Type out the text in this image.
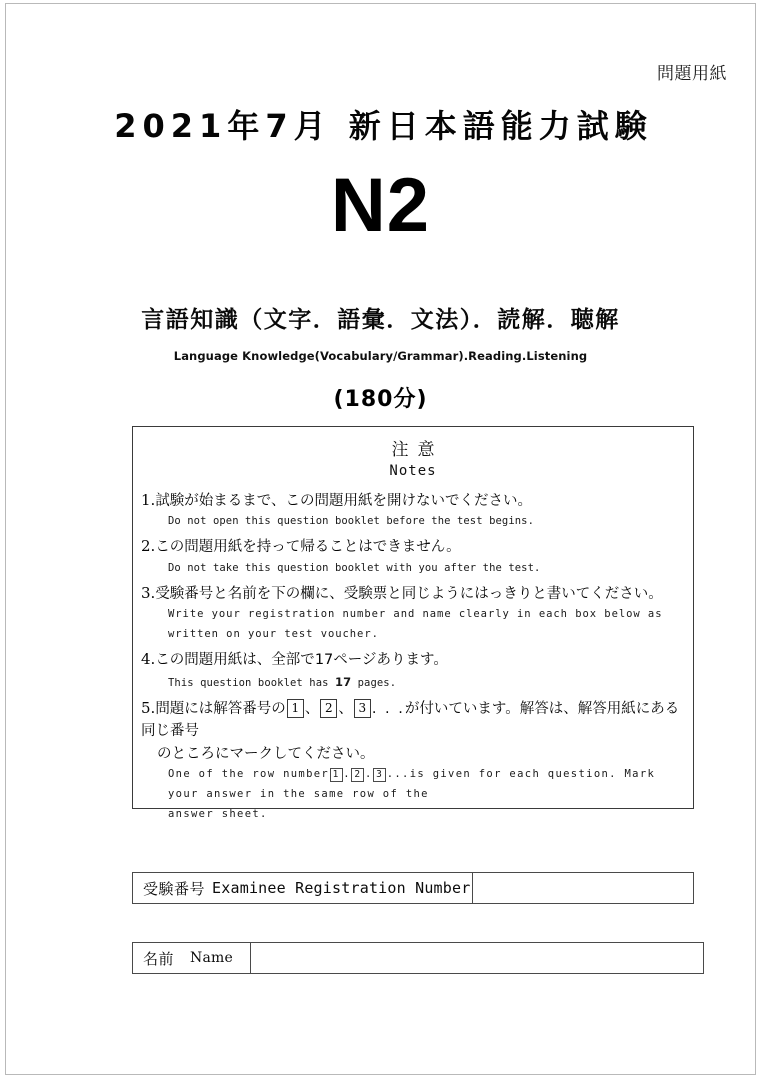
問題用紙
2021年7月 新日本語能力試験
N2
言語知識（文字．語彙．文法）．読解．聴解
Language Knowledge(Vocabulary/Grammar).Reading.Listening
(180分)
注意
Notes
1.試験が始まるまで、この問題用紙を開けないでください。
Do not open this question booklet before the test begins.
2.この問題用紙を持って帰ることはできません。
Do not take this question booklet with you after the test.
3.受験番号と名前を下の欄に、受験票と同じようにはっきりと書いてください。
Write your registration number and name clearly in each box below as written on your test voucher.
4.この問題用紙は、全部で17ページあります。
This question booklet has 17 pages.
5.問題には解答番号の 1 、 2 、 3 . . .が付いています。解答は、解答用紙にある同じ番号
のところにマークしてください。
One of the row number 1 . 2 . 3 ...is given for each question. Mark your answer in the same row of the
answer sheet.
受験番号 Examinee Registration Number
名前 Name
